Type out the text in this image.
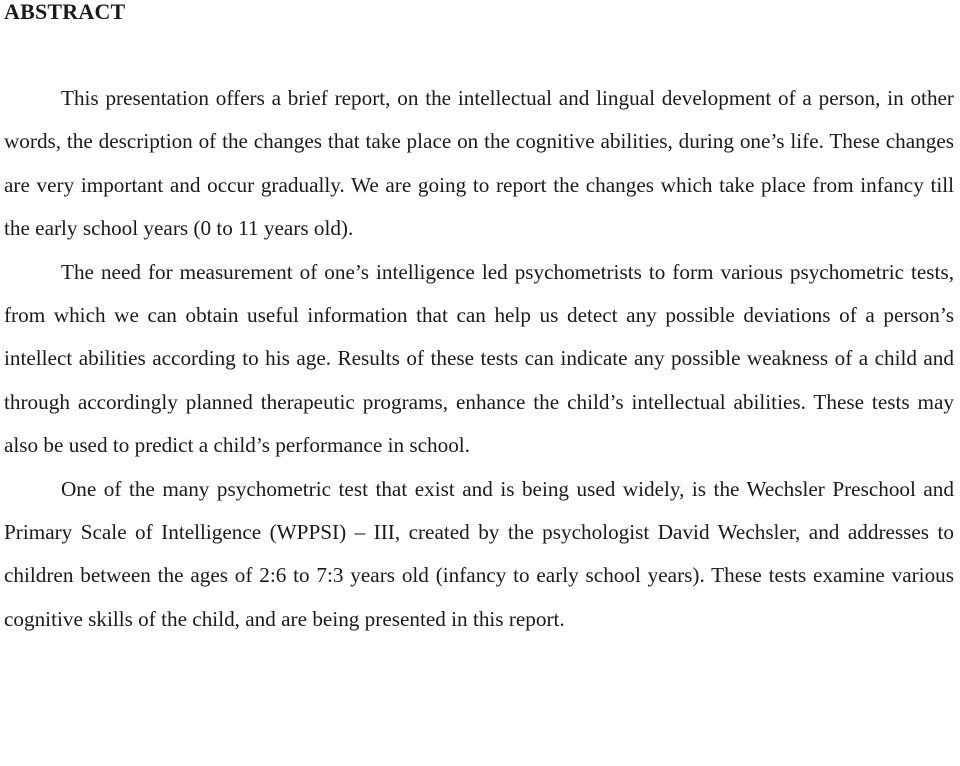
ABSTRACT

This presentation offers a brief report, on the intellectual and lingual development of a person, in other words, the description of the changes that take place on the cognitive abilities, during one’s life. These changes are very important and occur gradually. We are going to report the changes which take place from infancy till the early school years (0 to 11 years old).

The need for measurement of one’s intelligence led psychometrists to form various psychometric tests, from which we can obtain useful information that can help us detect any possible deviations of a person’s intellect abilities according to his age. Results of these tests can indicate any possible weakness of a child and through accordingly planned therapeutic programs, enhance the child’s intellectual abilities. These tests may also be used to predict a child’s performance in school.

One of the many psychometric test that exist and is being used widely, is the Wechsler Preschool and Primary Scale of Intelligence (WPPSI) – III, created by the psychologist David Wechsler, and addresses to children between the ages of 2:6 to 7:3 years old (infancy to early school years). These tests examine various cognitive skills of the child, and are being presented in this report.
